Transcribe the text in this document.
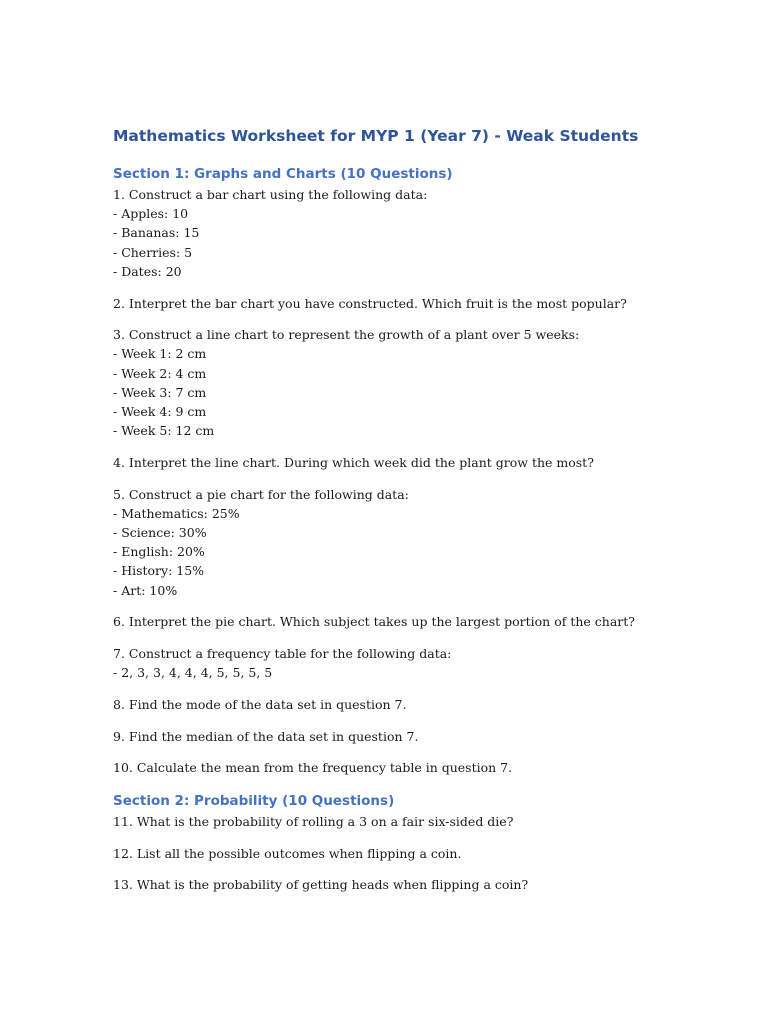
Mathematics Worksheet for MYP 1 (Year 7) - Weak Students
Section 1: Graphs and Charts (10 Questions)
1. Construct a bar chart using the following data:
- Apples: 10
- Bananas: 15
- Cherries: 5
- Dates: 20
2. Interpret the bar chart you have constructed. Which fruit is the most popular?
3. Construct a line chart to represent the growth of a plant over 5 weeks:
- Week 1: 2 cm
- Week 2: 4 cm
- Week 3: 7 cm
- Week 4: 9 cm
- Week 5: 12 cm
4. Interpret the line chart. During which week did the plant grow the most?
5. Construct a pie chart for the following data:
- Mathematics: 25%
- Science: 30%
- English: 20%
- History: 15%
- Art: 10%
6. Interpret the pie chart. Which subject takes up the largest portion of the chart?
7. Construct a frequency table for the following data:
- 2, 3, 3, 4, 4, 4, 5, 5, 5, 5
8. Find the mode of the data set in question 7.
9. Find the median of the data set in question 7.
10. Calculate the mean from the frequency table in question 7.
Section 2: Probability (10 Questions)
11. What is the probability of rolling a 3 on a fair six-sided die?
12. List all the possible outcomes when flipping a coin.
13. What is the probability of getting heads when flipping a coin?
